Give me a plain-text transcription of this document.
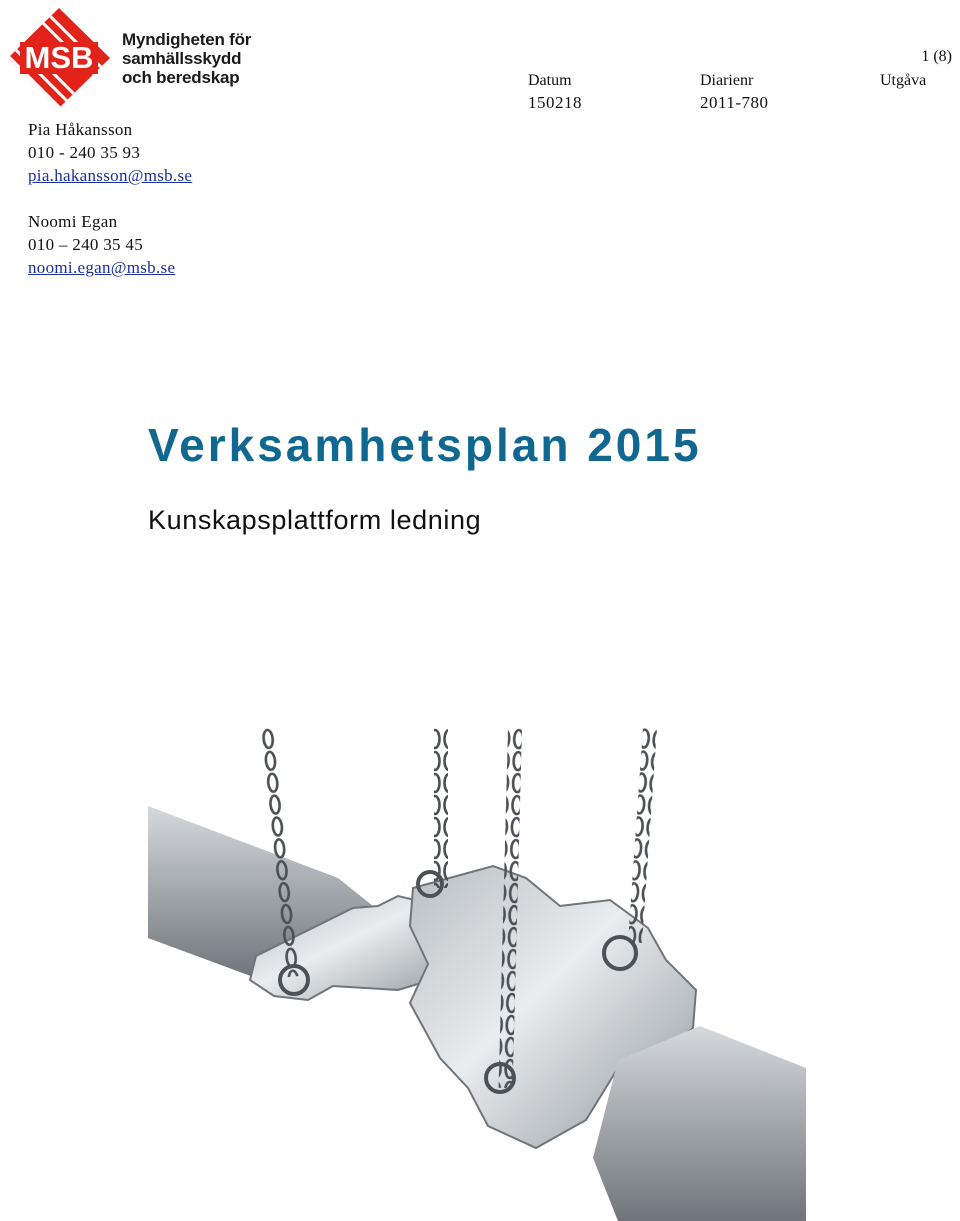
MSB
Myndigheten för
samhällsskydd
och beredskap
1 (8)
Datum
150218
Diarienr
2011-780
Utgåva
Pia Håkansson
010 - 240 35 93
pia.hakansson@msb.se
Noomi Egan
010 – 240 35 45
noomi.egan@msb.se
Verksamhetsplan 2015
Kunskapsplattform ledning
